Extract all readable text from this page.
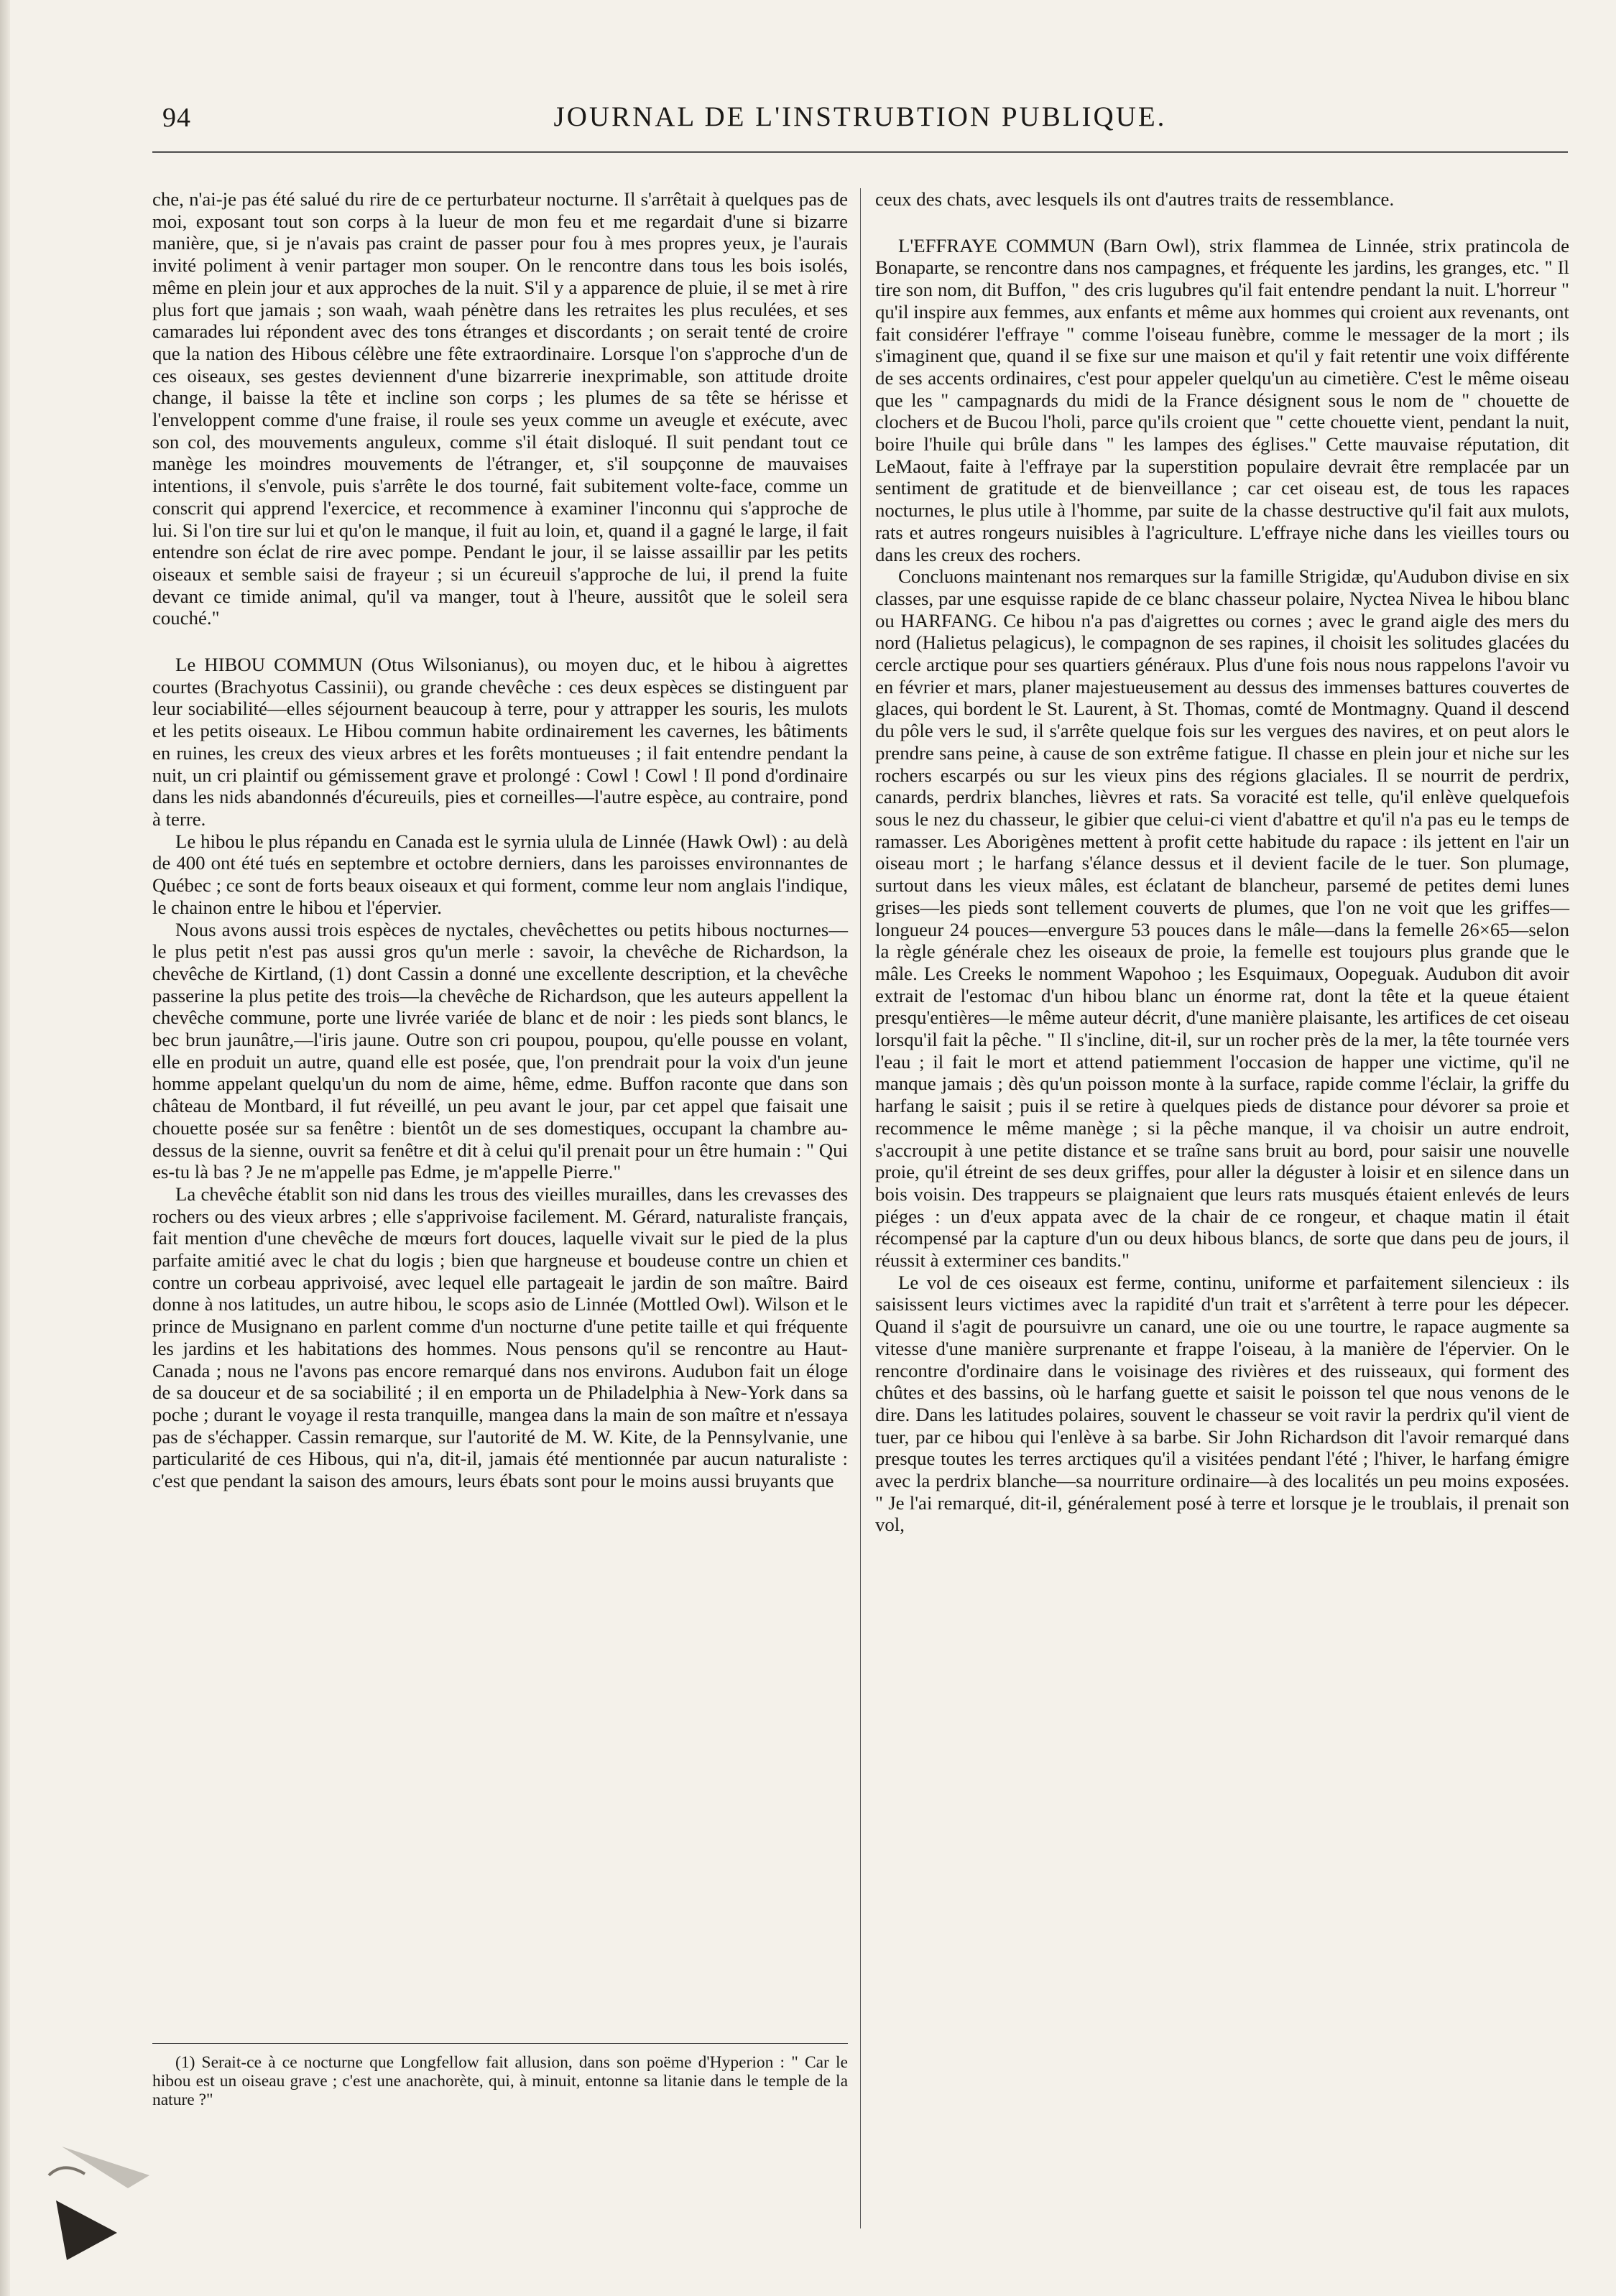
94	JOURNAL DE L'INSTRUBTION PUBLIQUE.

che, n'ai-je pas été salué du rire de ce perturbateur nocturne. Il s'arrêtait à quelques pas de moi, exposant tout son corps à la lueur de mon feu et me regardait d'une si bizarre manière, que, si je n'avais pas craint de passer pour fou à mes propres yeux, je l'aurais invité poliment à venir partager mon souper. On le rencontre dans tous les bois isolés, même en plein jour et aux approches de la nuit. S'il y a apparence de pluie, il se met à rire plus fort que jamais ; son waah, waah pénètre dans les retraites les plus reculées, et ses camarades lui répondent avec des tons étranges et discordants ; on serait tenté de croire que la nation des Hibous célèbre une fête extraordinaire. Lorsque l'on s'approche d'un de ces oiseaux, ses gestes deviennent d'une bizarrerie inexprimable, son attitude droite change, il baisse la tête et incline son corps ; les plumes de sa tête se hérisse et l'enveloppent comme d'une fraise, il roule ses yeux comme un aveugle et exécute, avec son col, des mouvements anguleux, comme s'il était disloqué. Il suit pendant tout ce manège les moindres mouvements de l'étranger, et, s'il soupçonne de mauvaises intentions, il s'envole, puis s'arrête le dos tourné, fait subitement volte-face, comme un conscrit qui apprend l'exercice, et recommence à examiner l'inconnu qui s'approche de lui. Si l'on tire sur lui et qu'on le manque, il fuit au loin, et, quand il a gagné le large, il fait entendre son éclat de rire avec pompe. Pendant le jour, il se laisse assaillir par les petits oiseaux et semble saisi de frayeur ; si un écureuil s'approche de lui, il prend la fuite devant ce timide animal, qu'il va manger, tout à l'heure, aussitôt que le soleil sera couché."

Le HIBOU COMMUN (Otus Wilsonianus), ou moyen duc, et le hibou à aigrettes courtes (Brachyotus Cassinii), ou grande chevêche : ces deux espèces se distinguent par leur sociabilité—elles séjournent beaucoup à terre, pour y attrapper les souris, les mulots et les petits oiseaux. Le Hibou commun habite ordinairement les cavernes, les bâtiments en ruines, les creux des vieux arbres et les forêts montueuses ; il fait entendre pendant la nuit, un cri plaintif ou gémissement grave et prolongé : Cowl ! Cowl ! Il pond d'ordinaire dans les nids abandonnés d'écureuils, pies et corneilles—l'autre espèce, au contraire, pond à terre.

Le hibou le plus répandu en Canada est le syrnia ulula de Linnée (Hawk Owl) : au delà de 400 ont été tués en septembre et octobre derniers, dans les paroisses environnantes de Québec ; ce sont de forts beaux oiseaux et qui forment, comme leur nom anglais l'indique, le chainon entre le hibou et l'épervier.

Nous avons aussi trois espèces de nyctales, chevêchettes ou petits hibous nocturnes—le plus petit n'est pas aussi gros qu'un merle : savoir, la chevêche de Richardson, la chevêche de Kirtland, (1) dont Cassin a donné une excellente description, et la chevêche passerine la plus petite des trois—la chevêche de Richardson, que les auteurs appellent la chevêche commune, porte une livrée variée de blanc et de noir : les pieds sont blancs, le bec brun jaunâtre,—l'iris jaune. Outre son cri poupou, poupou, qu'elle pousse en volant, elle en produit un autre, quand elle est posée, que, l'on prendrait pour la voix d'un jeune homme appelant quelqu'un du nom de aime, hême, edme. Buffon raconte que dans son château de Montbard, il fut réveillé, un peu avant le jour, par cet appel que faisait une chouette posée sur sa fenêtre : bientôt un de ses domestiques, occupant la chambre au-dessus de la sienne, ouvrit sa fenêtre et dit à celui qu'il prenait pour un être humain : " Qui es-tu là bas ? Je ne m'appelle pas Edme, je m'appelle Pierre."

La chevêche établit son nid dans les trous des vieilles murailles, dans les crevasses des rochers ou des vieux arbres ; elle s'apprivoise facilement. M. Gérard, naturaliste français, fait mention d'une chevêche de mœurs fort douces, laquelle vivait sur le pied de la plus parfaite amitié avec le chat du logis ; bien que hargneuse et boudeuse contre un chien et contre un corbeau apprivoisé, avec lequel elle partageait le jardin de son maître. Baird donne à nos latitudes, un autre hibou, le scops asio de Linnée (Mottled Owl). Wilson et le prince de Musignano en parlent comme d'un nocturne d'une petite taille et qui fréquente les jardins et les habitations des hommes. Nous pensons qu'il se rencontre au Haut-Canada ; nous ne l'avons pas encore remarqué dans nos environs. Audubon fait un éloge de sa douceur et de sa sociabilité ; il en emporta un de Philadelphia à New-York dans sa poche ; durant le voyage il resta tranquille, mangea dans la main de son maître et n'essaya pas de s'échapper. Cassin remarque, sur l'autorité de M. W. Kite, de la Pennsylvanie, une particularité de ces Hibous, qui n'a, dit-il, jamais été mentionnée par aucun naturaliste : c'est que pendant la saison des amours, leurs ébats sont pour le moins aussi bruyants que

ceux des chats, avec lesquels ils ont d'autres traits de ressemblance.

L'EFFRAYE COMMUN (Barn Owl), strix flammea de Linnée, strix pratincola de Bonaparte, se rencontre dans nos campagnes, et fréquente les jardins, les granges, etc. " Il tire son nom, dit Buffon, " des cris lugubres qu'il fait entendre pendant la nuit. L'horreur " qu'il inspire aux femmes, aux enfants et même aux hommes qui croient aux revenants, ont fait considérer l'effraye " comme l'oiseau funèbre, comme le messager de la mort ; ils s'imaginent que, quand il se fixe sur une maison et qu'il y fait retentir une voix différente de ses accents ordinaires, c'est pour appeler quelqu'un au cimetière. C'est le même oiseau que les " campagnards du midi de la France désignent sous le nom de " chouette de clochers et de Bucou l'holi, parce qu'ils croient que " cette chouette vient, pendant la nuit, boire l'huile qui brûle dans " les lampes des églises." Cette mauvaise réputation, dit LeMaout, faite à l'effraye par la superstition populaire devrait être remplacée par un sentiment de gratitude et de bienveillance ; car cet oiseau est, de tous les rapaces nocturnes, le plus utile à l'homme, par suite de la chasse destructive qu'il fait aux mulots, rats et autres rongeurs nuisibles à l'agriculture. L'effraye niche dans les vieilles tours ou dans les creux des rochers.

Concluons maintenant nos remarques sur la famille Strigidæ, qu'Audubon divise en six classes, par une esquisse rapide de ce blanc chasseur polaire, Nyctea Nivea le hibou blanc ou HARFANG. Ce hibou n'a pas d'aigrettes ou cornes ; avec le grand aigle des mers du nord (Halietus pelagicus), le compagnon de ses rapines, il choisit les solitudes glacées du cercle arctique pour ses quartiers généraux. Plus d'une fois nous nous rappelons l'avoir vu en février et mars, planer majestueusement au dessus des immenses battures couvertes de glaces, qui bordent le St. Laurent, à St. Thomas, comté de Montmagny. Quand il descend du pôle vers le sud, il s'arrête quelque fois sur les vergues des navires, et on peut alors le prendre sans peine, à cause de son extrême fatigue. Il chasse en plein jour et niche sur les rochers escarpés ou sur les vieux pins des régions glaciales. Il se nourrit de perdrix, canards, perdrix blanches, lièvres et rats. Sa voracité est telle, qu'il enlève quelquefois sous le nez du chasseur, le gibier que celui-ci vient d'abattre et qu'il n'a pas eu le temps de ramasser. Les Aborigènes mettent à profit cette habitude du rapace : ils jettent en l'air un oiseau mort ; le harfang s'élance dessus et il devient facile de le tuer. Son plumage, surtout dans les vieux mâles, est éclatant de blancheur, parsemé de petites demi lunes grises—les pieds sont tellement couverts de plumes, que l'on ne voit que les griffes—longueur 24 pouces—envergure 53 pouces dans le mâle—dans la femelle 26×65—selon la règle générale chez les oiseaux de proie, la femelle est toujours plus grande que le mâle. Les Creeks le nomment Wapohoo ; les Esquimaux, Oopeguak. Audubon dit avoir extrait de l'estomac d'un hibou blanc un énorme rat, dont la tête et la queue étaient presqu'entières—le même auteur décrit, d'une manière plaisante, les artifices de cet oiseau lorsqu'il fait la pêche. " Il s'incline, dit-il, sur un rocher près de la mer, la tête tournée vers l'eau ; il fait le mort et attend patiemment l'occasion de happer une victime, qu'il ne manque jamais ; dès qu'un poisson monte à la surface, rapide comme l'éclair, la griffe du harfang le saisit ; puis il se retire à quelques pieds de distance pour dévorer sa proie et recommence le même manège ; si la pêche manque, il va choisir un autre endroit, s'accroupit à une petite distance et se traîne sans bruit au bord, pour saisir une nouvelle proie, qu'il étreint de ses deux griffes, pour aller la déguster à loisir et en silence dans un bois voisin. Des trappeurs se plaignaient que leurs rats musqués étaient enlevés de leurs piéges : un d'eux appata avec de la chair de ce rongeur, et chaque matin il était récompensé par la capture d'un ou deux hibous blancs, de sorte que dans peu de jours, il réussit à exterminer ces bandits."

Le vol de ces oiseaux est ferme, continu, uniforme et parfaitement silencieux : ils saisissent leurs victimes avec la rapidité d'un trait et s'arrêtent à terre pour les dépecer. Quand il s'agit de poursuivre un canard, une oie ou une tourtre, le rapace augmente sa vitesse d'une manière surprenante et frappe l'oiseau, à la manière de l'épervier. On le rencontre d'ordinaire dans le voisinage des rivières et des ruisseaux, qui forment des chûtes et des bassins, où le harfang guette et saisit le poisson tel que nous venons de le dire. Dans les latitudes polaires, souvent le chasseur se voit ravir la perdrix qu'il vient de tuer, par ce hibou qui l'enlève à sa barbe. Sir John Richardson dit l'avoir remarqué dans presque toutes les terres arctiques qu'il a visitées pendant l'été ; l'hiver, le harfang émigre avec la perdrix blanche—sa nourriture ordinaire—à des localités un peu moins exposées. " Je l'ai remarqué, dit-il, généralement posé à terre et lorsque je le troublais, il prenait son vol,

(1) Serait-ce à ce nocturne que Longfellow fait allusion, dans son poëme d'Hyperion : " Car le hibou est un oiseau grave ; c'est une anachorète, qui, à minuit, entonne sa litanie dans le temple de la nature ?"
